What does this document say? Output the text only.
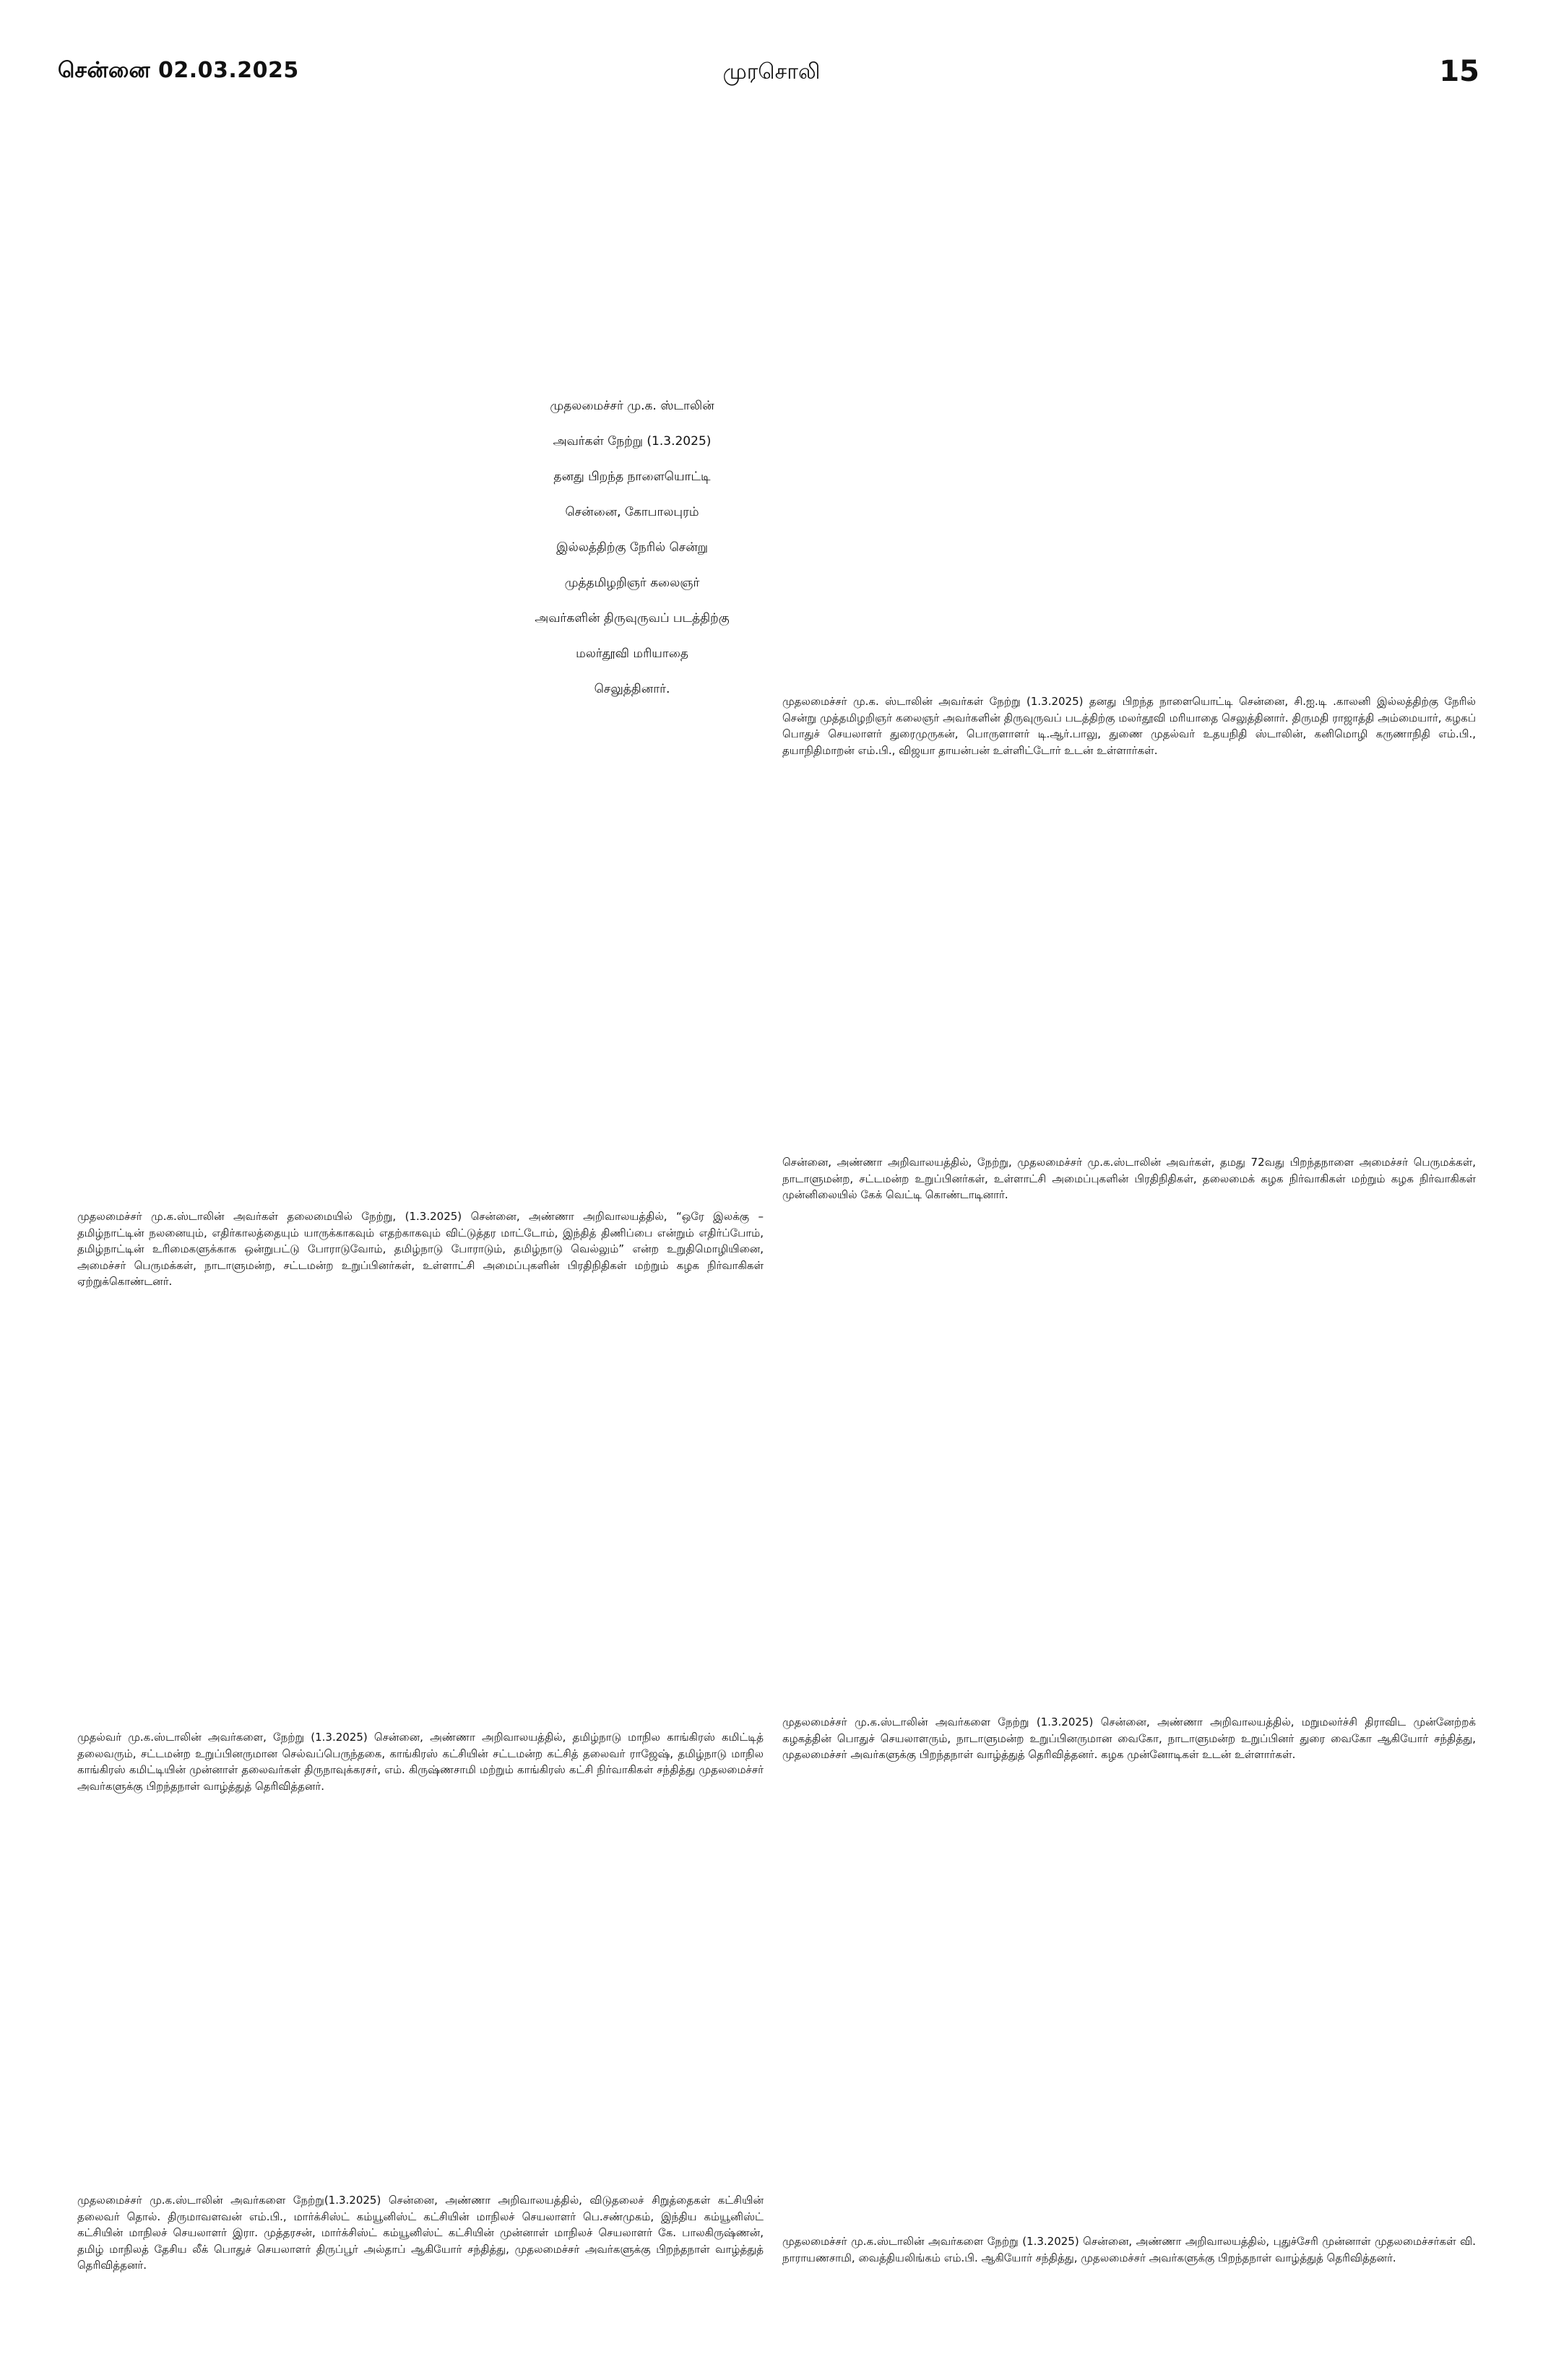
சென்னை 02.03.2025	முரசொலி	15
முதலமைச்சர் மு.க. ஸ்டாலின்
அவர்கள் நேற்று (1.3.2025)
தனது பிறந்த நாளையொட்டி
சென்னை, கோபாலபுரம்
இல்லத்திற்கு நேரில் சென்று
முத்தமிழறிஞர் கலைஞர்
அவர்களின் திருவுருவப் படத்திற்கு
மலர்தூவி மரியாதை
செலுத்தினார்.
முதலமைச்சர் மு.க. ஸ்டாலின் அவர்கள் நேற்று (1.3.2025) தனது பிறந்த நாளையொட்டி சென்னை, சி.ஐ.டி .காலனி இல்லத்திற்கு நேரில் சென்று முத்தமிழறிஞர் கலைஞர் அவர்களின் திருவுருவப் படத்திற்கு மலர்தூவி மரியாதை செலுத்தினார். திருமதி ராஜாத்தி அம்மையார், கழகப் பொதுச் செயலாளர் துரைமுருகன், பொருளாளர் டி.ஆர்.பாலு, துணை முதல்வர் உதயநிதி ஸ்டாலின், கனிமொழி கருணாநிதி எம்.பி., தயாநிதிமாறன் எம்.பி., விஜயா தாயன்பன் உள்ளிட்டோர் உடன் உள்ளார்கள்.
சென்னை, அண்ணா அறிவாலயத்தில், நேற்று, முதலமைச்சர் மு.க.ஸ்டாலின் அவர்கள், தமது 72வது பிறந்தநாளை அமைச்சர் பெருமக்கள், நாடாளுமன்ற, சட்டமன்ற உறுப்பினர்கள், உள்ளாட்சி அமைப்புகளின் பிரதிநிதிகள், தலைமைக் கழக நிர்வாகிகள் மற்றும் கழக நிர்வாகிகள் முன்னிலையில் கேக் வெட்டி கொண்டாடினார்.
முதலமைச்சர் மு.க.ஸ்டாலின் அவர்கள் தலைமையில் நேற்று, (1.3.2025) சென்னை, அண்ணா அறிவாலயத்தில், “ஒரே இலக்கு – தமிழ்நாட்டின் நலனையும், எதிர்காலத்தையும் யாருக்காகவும் எதற்காகவும் விட்டுத்தர மாட்டோம், இந்தித் திணிப்பை என்றும் எதிர்ப்போம், தமிழ்நாட்டின் உரிமைகளுக்காக ஒன்றுபட்டு போராடுவோம், தமிழ்நாடு போராடும், தமிழ்நாடு வெல்லும்” என்ற உறுதிமொழியினை, அமைச்சர் பெருமக்கள், நாடாளுமன்ற, சட்டமன்ற உறுப்பினர்கள், உள்ளாட்சி அமைப்புகளின் பிரதிநிதிகள் மற்றும் கழக நிர்வாகிகள் ஏற்றுக்கொண்டனர்.
முதலமைச்சர் மு.க.ஸ்டாலின் அவர்களை நேற்று (1.3.2025) சென்னை, அண்ணா அறிவாலயத்தில், மறுமலர்ச்சி திராவிட முன்னேற்றக் கழகத்தின் பொதுச் செயலாளரும், நாடாளுமன்ற உறுப்பினருமான வைகோ, நாடாளுமன்ற உறுப்பினர் துரை வைகோ ஆகியோர் சந்தித்து, முதலமைச்சர் அவர்களுக்கு பிறந்தநாள் வாழ்த்துத் தெரிவித்தனர். கழக முன்னோடிகள் உடன் உள்ளார்கள்.
முதல்வர் மு.க.ஸ்டாலின் அவர்களை, நேற்று (1.3.2025) சென்னை, அண்ணா அறிவாலயத்தில், தமிழ்நாடு மாநில காங்கிரஸ் கமிட்டித் தலைவரும், சட்டமன்ற உறுப்பினருமான செல்வப்பெருந்தகை, காங்கிரஸ் கட்சியின் சட்டமன்ற கட்சித் தலைவர் ராஜேஷ், தமிழ்நாடு மாநில காங்கிரஸ் கமிட்டியின் முன்னாள் தலைவர்கள் திருநாவுக்கரசர், எம். கிருஷ்ணசாமி மற்றும் காங்கிரஸ் கட்சி நிர்வாகிகள் சந்தித்து முதலமைச்சர் அவர்களுக்கு பிறந்தநாள் வாழ்த்துத் தெரிவித்தனர்.
முதலமைச்சர் மு.க.ஸ்டாலின் அவர்களை நேற்று(1.3.2025) சென்னை, அண்ணா அறிவாலயத்தில், விடுதலைச் சிறுத்தைகள் கட்சியின் தலைவர் தொல். திருமாவளவன் எம்.பி., மார்க்சிஸ்ட் கம்யூனிஸ்ட் கட்சியின் மாநிலச் செயலாளர் பெ.சண்முகம், இந்திய கம்யூனிஸ்ட் கட்சியின் மாநிலச் செயலாளர் இரா. முத்தரசன், மார்க்சிஸ்ட் கம்யூனிஸ்ட் கட்சியின் முன்னாள் மாநிலச் செயலாளர் கே. பாலகிருஷ்ணன், தமிழ் மாநிலத் தேசிய லீக் பொதுச் செயலாளர் திருப்பூர் அல்தாப் ஆகியோர் சந்தித்து, முதலமைச்சர் அவர்களுக்கு பிறந்தநாள் வாழ்த்துத் தெரிவித்தனர்.
முதலமைச்சர் மு.க.ஸ்டாலின் அவர்களை நேற்று (1.3.2025) சென்னை, அண்ணா அறிவாலயத்தில், புதுச்சேரி முன்னாள் முதலமைச்சர்கள் வி. நாராயணசாமி, வைத்தியலிங்கம் எம்.பி. ஆகியோர் சந்தித்து, முதலமைச்சர் அவர்களுக்கு பிறந்தநாள் வாழ்த்துத் தெரிவித்தனர்.
